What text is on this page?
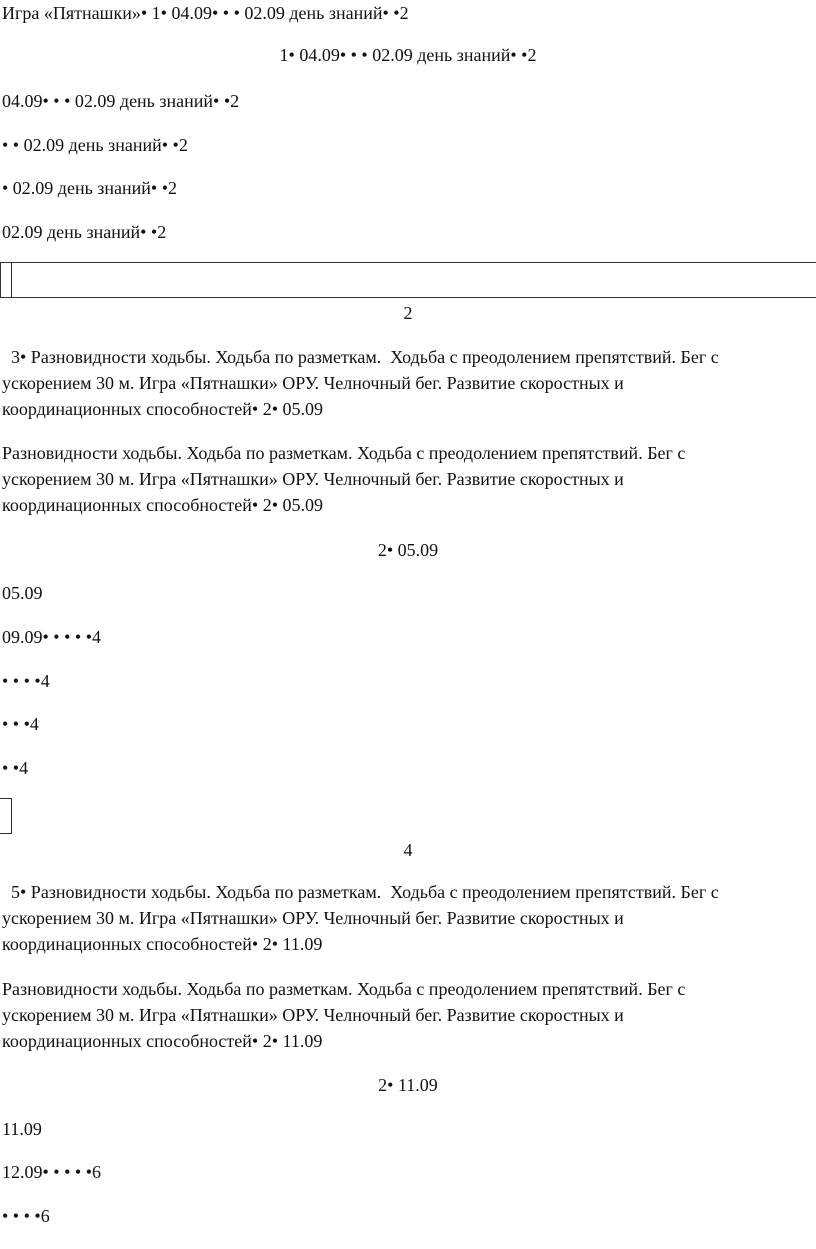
Игра «Пятнашки»• 1• 04.09• • • 02.09 день знаний• •2
1• 04.09• • • 02.09 день знаний• •2
04.09• • • 02.09 день знаний• •2
• • 02.09 день знаний• •2
• 02.09 день знаний• •2
02.09 день знаний• •2
2
3• Разновидности ходьбы. Ходьба по разметкам.  Ходьба с преодолением препятствий. Бег с
ускорением 30 м. Игра «Пятнашки» ОРУ. Челночный бег. Развитие скоростных и
координационных способностей• 2• 05.09
Разновидности ходьбы. Ходьба по разметкам. Ходьба с преодолением препятствий. Бег с
ускорением 30 м. Игра «Пятнашки» ОРУ. Челночный бег. Развитие скоростных и
координационных способностей• 2• 05.09
2• 05.09
05.09
09.09• • • • •4
• • • •4
• • •4
• •4
4
5• Разновидности ходьбы. Ходьба по разметкам.  Ходьба с преодолением препятствий. Бег с
ускорением 30 м. Игра «Пятнашки» ОРУ. Челночный бег. Развитие скоростных и
координационных способностей• 2• 11.09
Разновидности ходьбы. Ходьба по разметкам. Ходьба с преодолением препятствий. Бег с
ускорением 30 м. Игра «Пятнашки» ОРУ. Челночный бег. Развитие скоростных и
координационных способностей• 2• 11.09
2• 11.09
11.09
12.09• • • • •6
• • • •6
